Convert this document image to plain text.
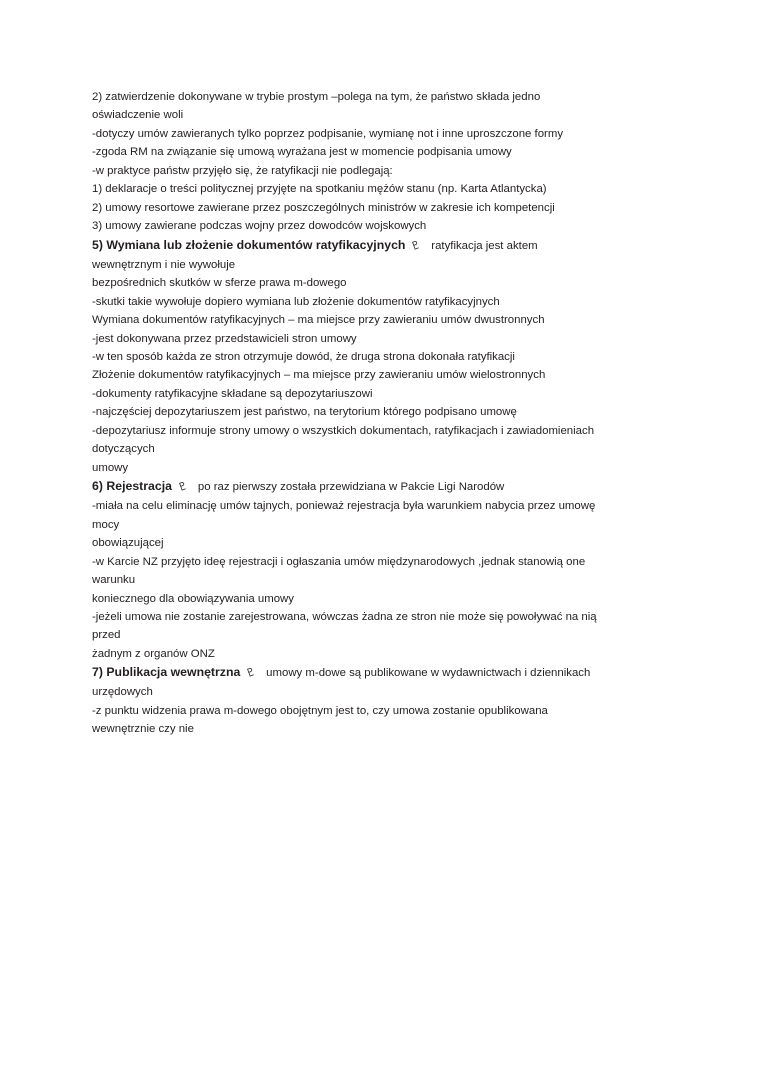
2) zatwierdzenie dokonywane w trybie prostym –polega na tym, że państwo składa jedno
oświadczenie woli
-dotyczy umów zawieranych tylko poprzez podpisanie, wymianę not i inne uproszczone formy
-zgoda RM na związanie się umową wyrażana jest w momencie podpisania umowy
-w praktyce państw przyjęło się, że ratyfikacji nie podlegają:
1) deklaracje o treści politycznej przyjęte na spotkaniu mężów stanu (np. Karta Atlantycka)
2) umowy resortowe zawierane przez poszczególnych ministrów w zakresie ich kompetencji
3) umowy zawierane podczas wojny przez dowodców wojskowych
5) Wymiana lub złożenie dokumentów ratyfikacyjnych ♇ ratyfikacja jest aktem
wewnętrznym i nie wywołuje
bezpośrednich skutków w sferze prawa m-dowego
-skutki takie wywołuje dopiero wymiana lub złożenie dokumentów ratyfikacyjnych
Wymiana dokumentów ratyfikacyjnych – ma miejsce przy zawieraniu umów dwustronnych
-jest dokonywana przez przedstawicieli stron umowy
-w ten sposób każda ze stron otrzymuje dowód, że druga strona dokonała ratyfikacji
Złożenie dokumentów ratyfikacyjnych – ma miejsce przy zawieraniu umów wielostronnych
-dokumenty ratyfikacyjne składane są depozytariuszowi
-najczęściej depozytariuszem jest państwo, na terytorium którego podpisano umowę
-depozytariusz informuje strony umowy o wszystkich dokumentach, ratyfikacjach i zawiadomieniach
dotyczących
umowy
6) Rejestracja ♇ po raz pierwszy została przewidziana w Pakcie Ligi Narodów
-miała na celu eliminację umów tajnych, ponieważ rejestracja była warunkiem nabycia przez umowę
mocy
obowiązującej
-w Karcie NZ przyjęto ideę rejestracji i ogłaszania umów międzynarodowych ,jednak stanowią one
warunku
koniecznego dla obowiązywania umowy
-jeżeli umowa nie zostanie zarejestrowana, wówczas żadna ze stron nie może się powoływać na nią
przed
żadnym z organów ONZ
7) Publikacja wewnętrzna ♇ umowy m-dowe są publikowane w wydawnictwach i dziennikach
urzędowych
-z punktu widzenia prawa m-dowego obojętnym jest to, czy umowa zostanie opublikowana
wewnętrznie czy nie
